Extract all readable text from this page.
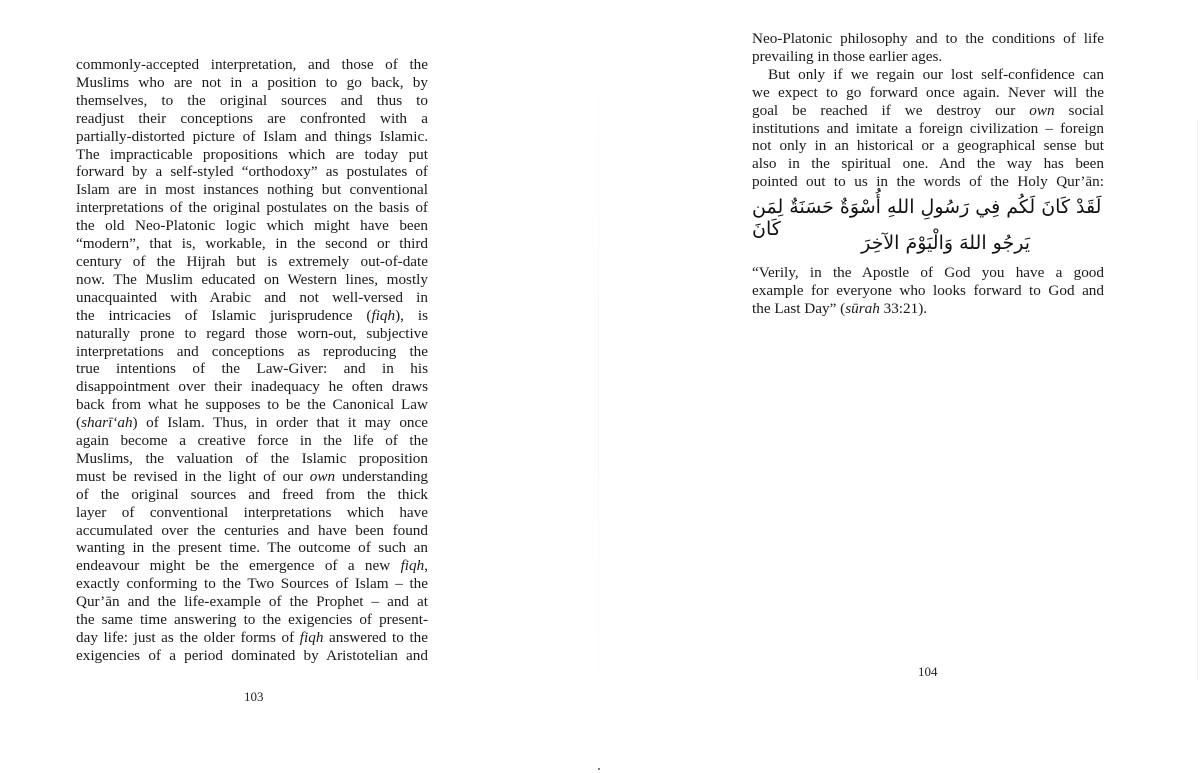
commonly-accepted interpretation, and those of the
Muslims who are not in a position to go back, by
themselves, to the original sources and thus to
readjust their conceptions are confronted with a
partially-distorted picture of Islam and things Islamic.
The impracticable propositions which are today put
forward by a self-styled “orthodoxy” as postulates of
Islam are in most instances nothing but conventional
interpretations of the original postulates on the basis of
the old Neo-Platonic logic which might have been
“modern”, that is, workable, in the second or third
century of the Hijrah but is extremely out-of-date
now. The Muslim educated on Western lines, mostly
unacquainted with Arabic and not well-versed in
the intricacies of Islamic jurisprudence (fiqh), is
naturally prone to regard those worn-out, subjective
interpretations and conceptions as reproducing the
true intentions of the Law-Giver: and in his
disappointment over their inadequacy he often draws
back from what he supposes to be the Canonical Law
(sharī‘ah) of Islam. Thus, in order that it may once
again become a creative force in the life of the
Muslims, the valuation of the Islamic proposition
must be revised in the light of our own understanding
of the original sources and freed from the thick
layer of conventional interpretations which have
accumulated over the centuries and have been found
wanting in the present time. The outcome of such an
endeavour might be the emergence of a new fiqh,
exactly conforming to the Two Sources of Islam – the
Qur’ān and the life-example of the Prophet – and at
the same time answering to the exigencies of present-
day life: just as the older forms of fiqh answered to the
exigencies of a period dominated by Aristotelian and
103
Neo-Platonic philosophy and to the conditions of life
prevailing in those earlier ages.
But only if we regain our lost self-confidence can
we expect to go forward once again. Never will the
goal be reached if we destroy our own social
institutions and imitate a foreign civilization – foreign
not only in an historical or a geographical sense but
also in the spiritual one. And the way has been
pointed out to us in the words of the Holy Qur’ān:
لَقَدْ كَانَ لَكُم فِي رَسُولِ اللهِ أُسْوَةٌ حَسَنَةٌ لِمَن كَانَ
يَرجُو اللهَ وَالْيَوْمَ الآخِرَ
“Verily, in the Apostle of God you have a good
example for everyone who looks forward to God and
the Last Day” (sūrah 33:21).
104
